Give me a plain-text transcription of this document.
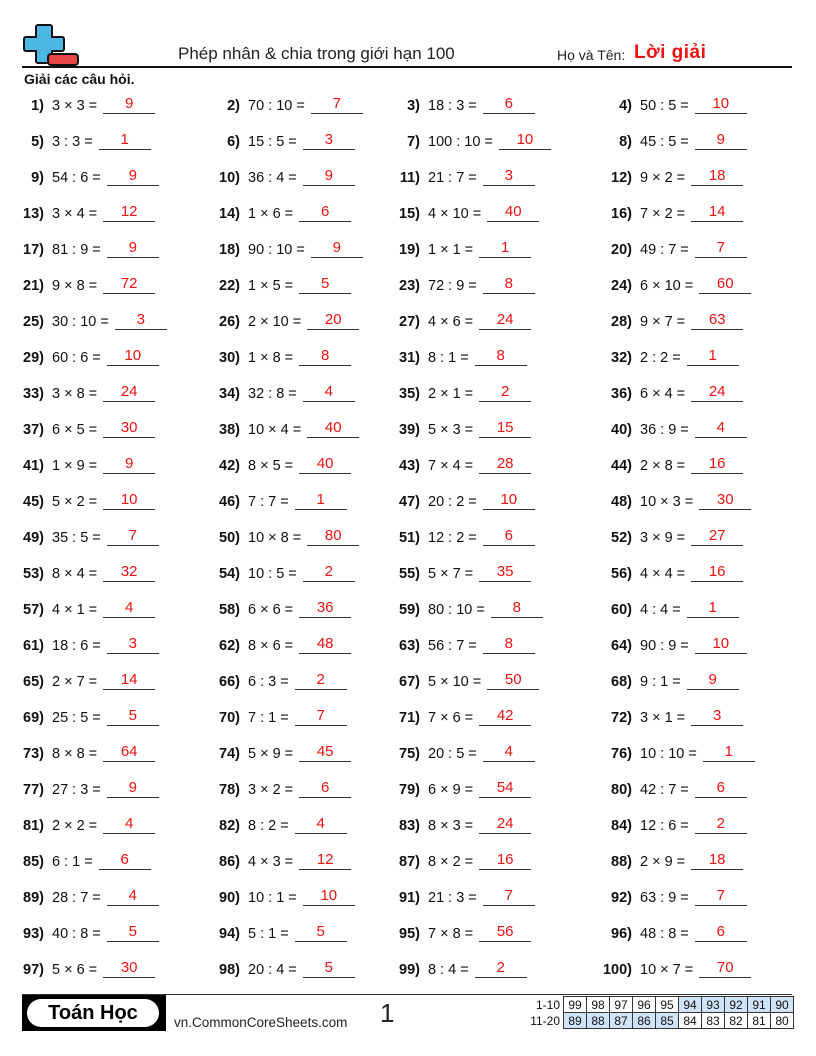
Phép nhân & chia trong giới hạn 100	Họ và Tên: Lời giải
Giải các câu hỏi.
1) 3 × 3 =	9	2) 70 : 10 =	7	3) 18 : 3 =	6	4) 50 : 5 =	10
5) 3 : 3 =	1	6) 15 : 5 =	3	7) 100 : 10 =	10	8) 45 : 5 =	9
9) 54 : 6 =	9	10) 36 : 4 =	9	11) 21 : 7 =	3	12) 9 × 2 =	18
13) 3 × 4 =	12	14) 1 × 6 =	6	15) 4 × 10 =	40	16) 7 × 2 =	14
17) 81 : 9 =	9	18) 90 : 10 =	9	19) 1 × 1 =	1	20) 49 : 7 =	7
21) 9 × 8 =	72	22) 1 × 5 =	5	23) 72 : 9 =	8	24) 6 × 10 =	60
25) 30 : 10 =	3	26) 2 × 10 =	20	27) 4 × 6 =	24	28) 9 × 7 =	63
29) 60 : 6 =	10	30) 1 × 8 =	8	31) 8 : 1 =	8	32) 2 : 2 =	1
33) 3 × 8 =	24	34) 32 : 8 =	4	35) 2 × 1 =	2	36) 6 × 4 =	24
37) 6 × 5 =	30	38) 10 × 4 =	40	39) 5 × 3 =	15	40) 36 : 9 =	4
41) 1 × 9 =	9	42) 8 × 5 =	40	43) 7 × 4 =	28	44) 2 × 8 =	16
45) 5 × 2 =	10	46) 7 : 7 =	1	47) 20 : 2 =	10	48) 10 × 3 =	30
49) 35 : 5 =	7	50) 10 × 8 =	80	51) 12 : 2 =	6	52) 3 × 9 =	27
53) 8 × 4 =	32	54) 10 : 5 =	2	55) 5 × 7 =	35	56) 4 × 4 =	16
57) 4 × 1 =	4	58) 6 × 6 =	36	59) 80 : 10 =	8	60) 4 : 4 =	1
61) 18 : 6 =	3	62) 8 × 6 =	48	63) 56 : 7 =	8	64) 90 : 9 =	10
65) 2 × 7 =	14	66) 6 : 3 =	2	67) 5 × 10 =	50	68) 9 : 1 =	9
69) 25 : 5 =	5	70) 7 : 1 =	7	71) 7 × 6 =	42	72) 3 × 1 =	3
73) 8 × 8 =	64	74) 5 × 9 =	45	75) 20 : 5 =	4	76) 10 : 10 =	1
77) 27 : 3 =	9	78) 3 × 2 =	6	79) 6 × 9 =	54	80) 42 : 7 =	6
81) 2 × 2 =	4	82) 8 : 2 =	4	83) 8 × 3 =	24	84) 12 : 6 =	2
85) 6 : 1 =	6	86) 4 × 3 =	12	87) 8 × 2 =	16	88) 2 × 9 =	18
89) 28 : 7 =	4	90) 10 : 1 =	10	91) 21 : 3 =	7	92) 63 : 9 =	7
93) 40 : 8 =	5	94) 5 : 1 =	5	95) 7 × 8 =	56	96) 48 : 8 =	6
97) 5 × 6 =	30	98) 20 : 4 =	5	99) 8 : 4 =	2	100) 10 × 7 =	70
Toán Học	vn.CommonCoreSheets.com 1	1-10	99	98	97	96	95	94	93	92	91	90
11-20	89	88	87	86	85	84	83	82	81	80
